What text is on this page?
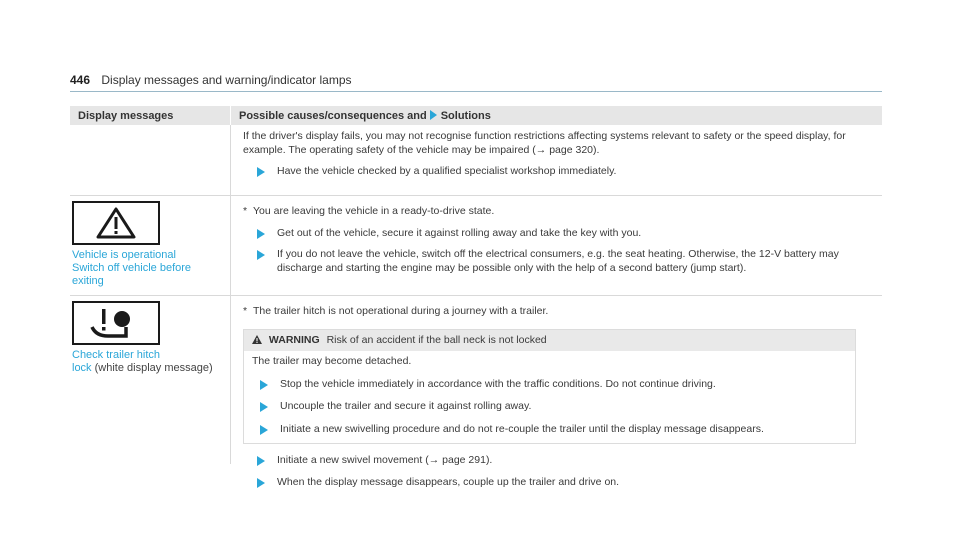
446 Display messages and warning/indicator lamps
Display messages	Possible causes/consequences and Solutions

If the driver's display fails, you may not recognise function restrictions affecting systems relevant to safety or the speed display, for example. The operating safety of the vehicle may be impaired (→ page 320).

Have the vehicle checked by a qualified specialist workshop immediately.
Vehicle is operational
Switch off vehicle before
exiting
* You are leaving the vehicle in a ready-to-drive state.
Get out of the vehicle, secure it against rolling away and take the key with you.
If you do not leave the vehicle, switch off the electrical consumers, e.g. the seat heating. Otherwise, the 12-V battery may discharge and starting the engine may be possible only with the help of a second battery (jump start).
Check trailer hitch
lock (white display message)
* The trailer hitch is not operational during a journey with a trailer.
WARNING Risk of an accident if the ball neck is not locked
The trailer may become detached.
Stop the vehicle immediately in accordance with the traffic conditions. Do not continue driving.
Uncouple the trailer and secure it against rolling away.
Initiate a new swivelling procedure and do not re-couple the trailer until the display message disappears.
Initiate a new swivel movement (→ page 291).
When the display message disappears, couple up the trailer and drive on.
